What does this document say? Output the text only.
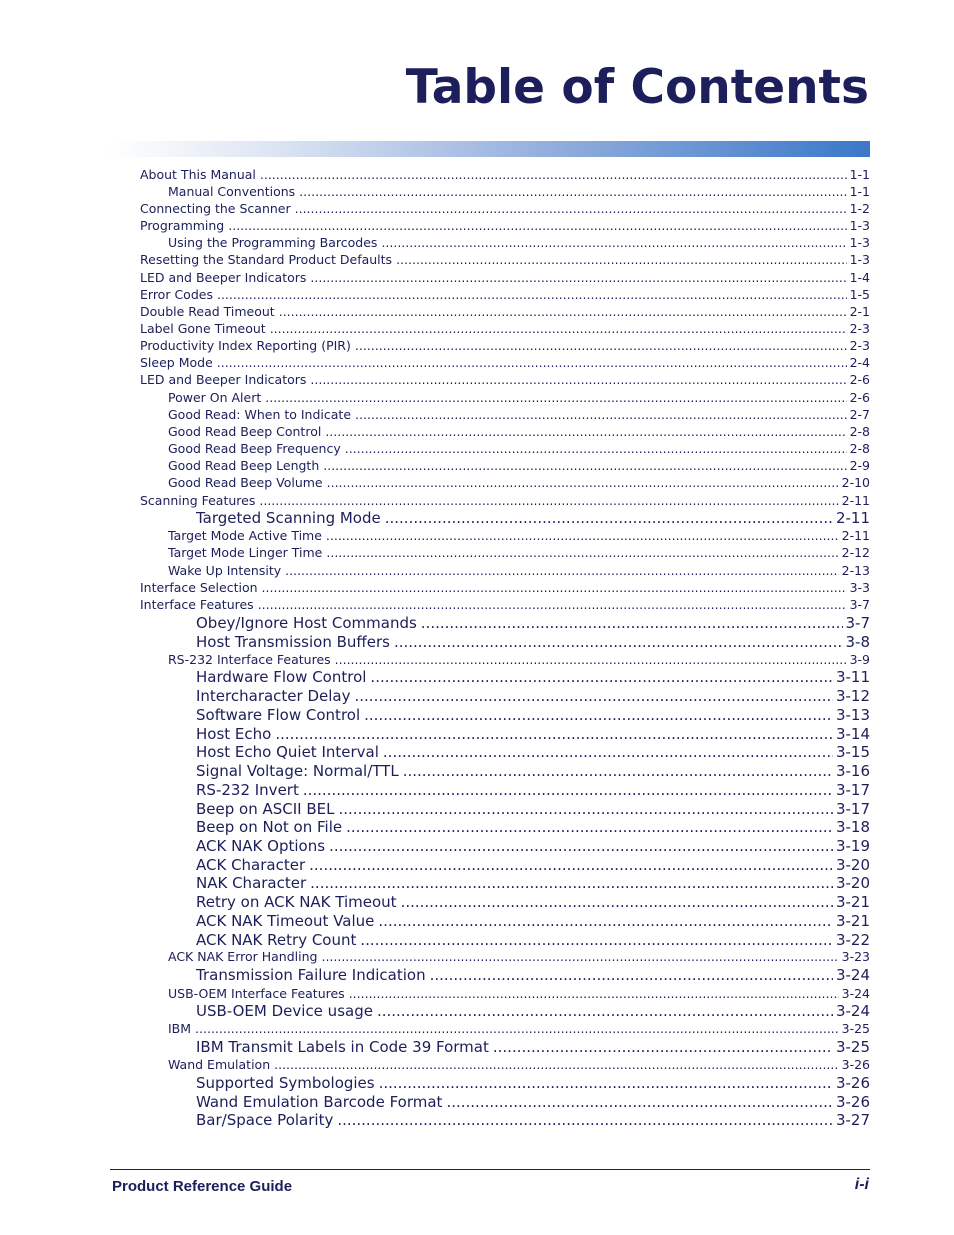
Table of Contents
About This Manual .....	1-1
Manual Conventions .....	1-1
Connecting the Scanner .....	1-2
Programming .....	1-3
Using the Programming Barcodes .....	1-3
Resetting the Standard Product Defaults .....	1-3
LED and Beeper Indicators .....	1-4
Error Codes .....	1-5
Double Read Timeout .....	2-1
Label Gone Timeout .....	2-3
Productivity Index Reporting (PIR) .....	2-3
Sleep Mode .....	2-4
LED and Beeper Indicators .....	2-6
Power On Alert .....	2-6
Good Read: When to Indicate .....	2-7
Good Read Beep Control .....	2-8
Good Read Beep Frequency .....	2-8
Good Read Beep Length .....	2-9
Good Read Beep Volume .....	2-10
Scanning Features .....	2-11
Targeted Scanning Mode .....	2-11
Target Mode Active Time .....	2-11
Target Mode Linger Time .....	2-12
Wake Up Intensity .....	2-13
Interface Selection .....	3-3
Interface Features .....	3-7
Obey/Ignore Host Commands .....	3-7
Host Transmission Buffers .....	3-8
RS-232 Interface Features .....	3-9
Hardware Flow Control .....	3-11
Intercharacter Delay .....	3-12
Software Flow Control .....	3-13
Host Echo .....	3-14
Host Echo Quiet Interval .....	3-15
Signal Voltage: Normal/TTL .....	3-16
RS-232 Invert .....	3-17
Beep on ASCII BEL .....	3-17
Beep on Not on File .....	3-18
ACK NAK Options .....	3-19
ACK Character .....	3-20
NAK Character .....	3-20
Retry on ACK NAK Timeout .....	3-21
ACK NAK Timeout Value .....	3-21
ACK NAK Retry Count .....	3-22
ACK NAK Error Handling .....	3-23
Transmission Failure Indication .....	3-24
USB-OEM Interface Features .....	3-24
USB-OEM Device usage .....	3-24
IBM .....	3-25
IBM Transmit Labels in Code 39 Format .....	3-25
Wand Emulation .....	3-26
Supported Symbologies .....	3-26
Wand Emulation Barcode Format .....	3-26
Bar/Space Polarity .....	3-27
Product Reference Guide	i-i
